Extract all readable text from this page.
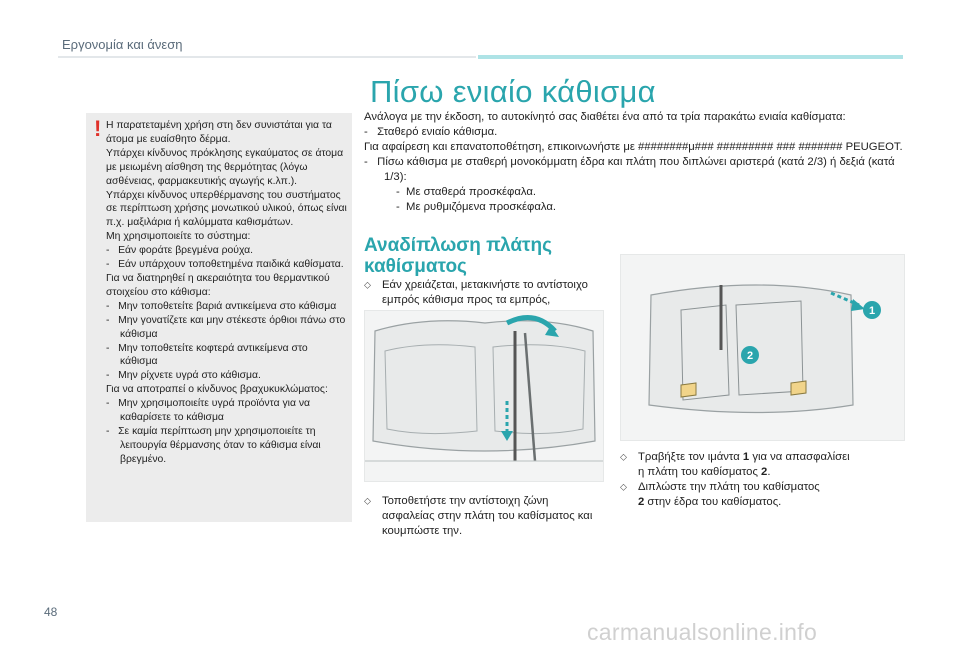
Εργονομία και άνεση
! Η παρατεταμένη χρήση στη δεν συνιστάται για τα άτομα με ευαίσθητο δέρμα.

Υπάρχει κίνδυνος πρόκλησης εγκαύματος σε άτομα με μειωμένη αίσθηση της θερμότητας (λόγω ασθένειας, φαρμακευτικής αγωγής κ.λπ.).

Υπάρχει κίνδυνος υπερθέρμανσης του συστήματος σε περίπτωση χρήσης μονωτικού υλικού, όπως είναι π.χ. μαξιλάρια ή καλύμματα καθισμάτων.

Μη χρησιμοποιείτε το σύστημα:

-   Εάν φοράτε βρεγμένα ρούχα.

-   Εάν υπάρχουν τοποθετημένα παιδικά καθίσματα.

Για να διατηρηθεί η ακεραιότητα του θερμαντικού στοιχείου στο κάθισμα:

-   Μην τοποθετείτε βαριά αντικείμενα στο κάθισμα

-   Μην γονατίζετε και μην στέκεστε όρθιοι πάνω στο κάθισμα

-   Μην τοποθετείτε κοφτερά αντικείμενα στο κάθισμα

-   Μην ρίχνετε υγρά στο κάθισμα.

Για να αποτραπεί ο κίνδυνος βραχυκυκλώματος:

-   Μην χρησιμοποιείτε υγρά προϊόντα για να καθαρίσετε το κάθισμα

-   Σε καμία περίπτωση μην χρησιμοποιείτε τη λειτουργία θέρμανσης όταν το κάθισμα είναι βρεγμένο.

Πίσω ενιαίο κάθισμα

Ανάλογα με την έκδοση, το αυτοκίνητό σας διαθέτει ένα από τα τρία παρακάτω ενιαία καθίσματα:

-   Σταθερό ενιαίο κάθισμα.

Για αφαίρεση και επανατοποθέτηση, επικοινωνήστε με ########μ### ######### ### ####### PEUGEOT.

-   Πίσω κάθισμα με σταθερή μονοκόμματη έδρα και πλάτη που διπλώνει αριστερά (κατά 2/3) ή δεξιά (κατά 1/3):

-  Με σταθερά προσκέφαλα.

-  Με ρυθμιζόμενα προσκέφαλα.

Αναδίπλωση πλάτης καθίσματος
⬦ Εάν χρειάζεται, μετακινήστε το αντίστοιχο
εμπρός κάθισμα προς τα εμπρός,
⬦ Τοποθετήστε την αντίστοιχη ζώνη
ασφαλείας στην πλάτη του καθίσματος και
κουμπώστε την.
1
2
⬦ Τραβήξτε τον ιμάντα 1 για να απασφαλίσει
η πλάτη του καθίσματος 2.
⬦ Διπλώστε την πλάτη του καθίσματος
2 στην έδρα του καθίσματος.
48
carmanualsonline.info
